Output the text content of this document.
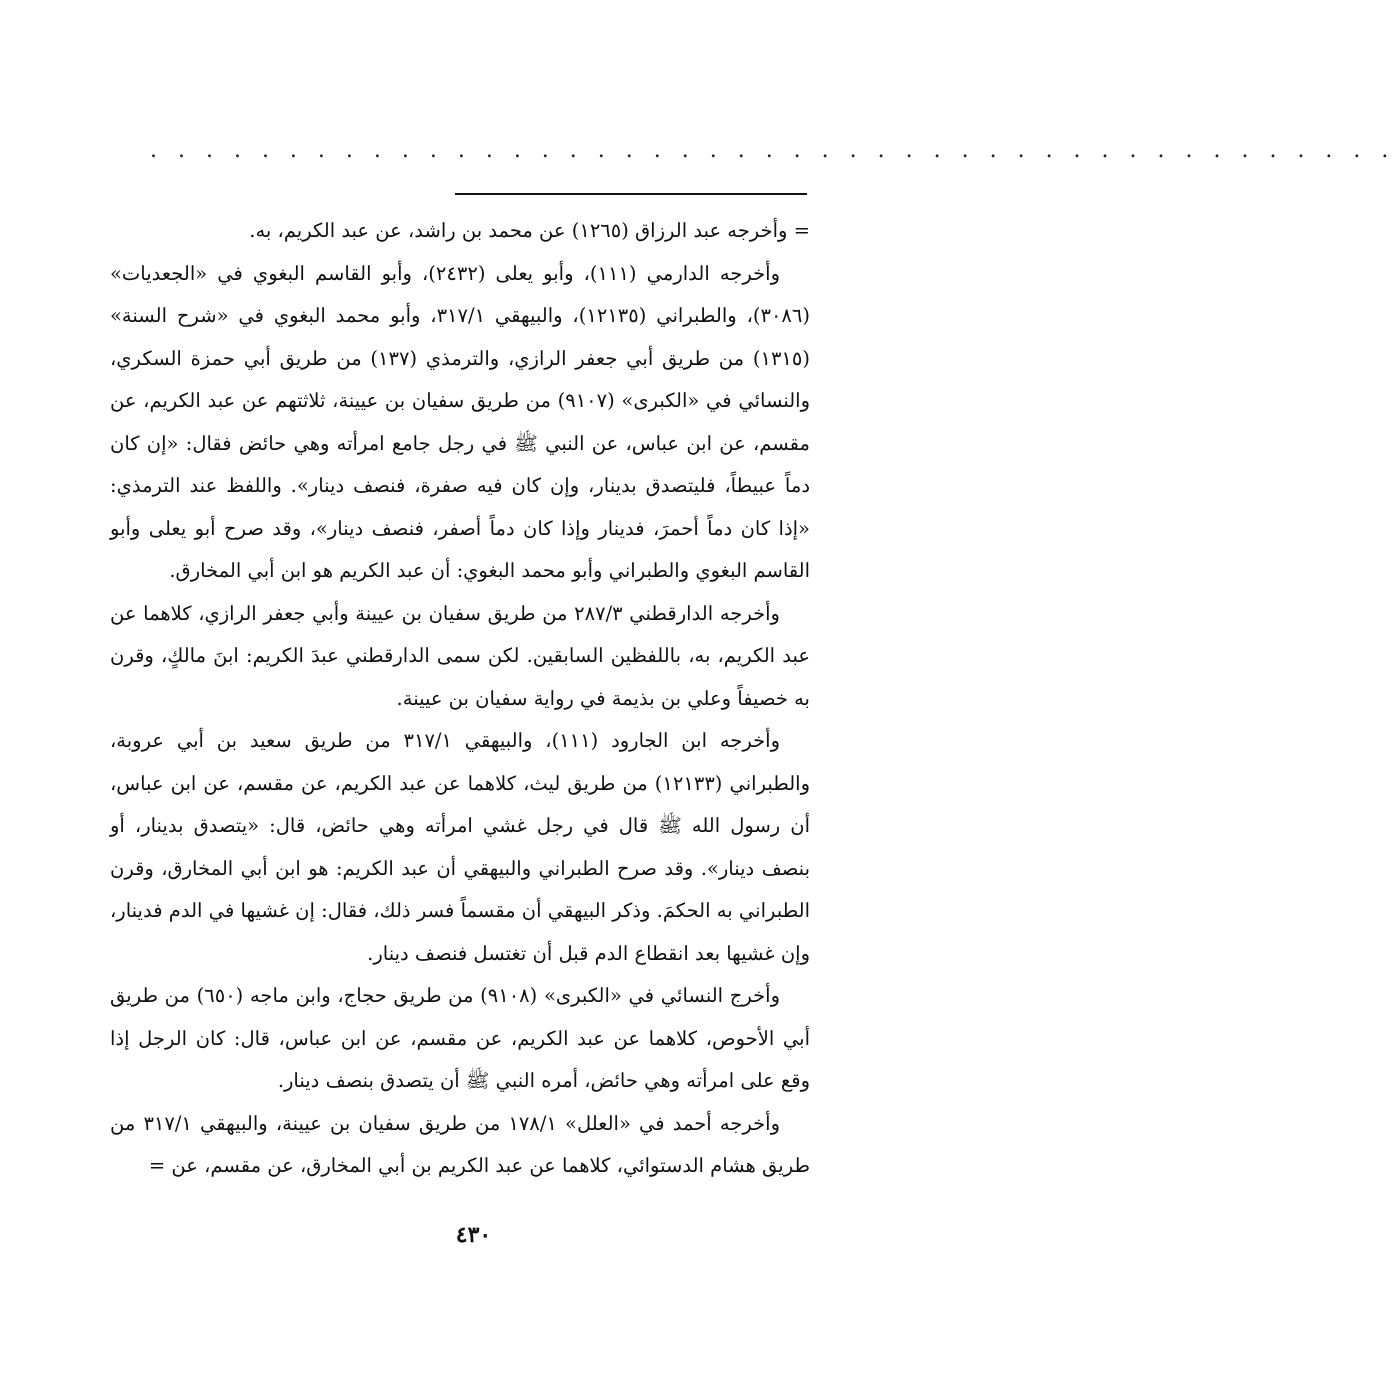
. . . . . . . . . . . . . . . . . . . . . . . . . . . . . . . . . . . . . . . . . . . . .

= وأخرجه عبد الرزاق (١٢٦٥) عن محمد بن راشد، عن عبد الكريم، به.

وأخرجه الدارمي (١١١)، وأبو يعلى (٢٤٣٢)، وأبو القاسم البغوي في «الجعديات» (٣٠٨٦)، والطبراني (١٢١٣٥)، والبيهقي ٣١٧/١، وأبو محمد البغوي في «شرح السنة» (١٣١٥) من طريق أبي جعفر الرازي، والترمذي (١٣٧) من طريق أبي حمزة السكري، والنسائي في «الكبرى» (٩١٠٧) من طريق سفيان بن عيينة، ثلاثتهم عن عبد الكريم، عن مقسم، عن ابن عباس، عن النبي ﷺ في رجل جامع امرأته وهي حائض فقال: «إن كان دماً عبيطاً، فليتصدق بدينار، وإن كان فيه صفرة، فنصف دينار». واللفظ عند الترمذي: «إذا كان دماً أحمرَ، فدينار وإذا كان دماً أصفر، فنصف دينار»، وقد صرح أبو يعلى وأبو القاسم البغوي والطبراني وأبو محمد البغوي: أن عبد الكريم هو ابن أبي المخارق.

وأخرجه الدارقطني ٢٨٧/٣ من طريق سفيان بن عيينة وأبي جعفر الرازي، كلاهما عن عبد الكريم، به، باللفظين السابقين. لكن سمى الدارقطني عبدَ الكريم: ابنَ مالكٍ، وقرن به خصيفاً وعلي بن بذيمة في رواية سفيان بن عيينة.

وأخرجه ابن الجارود (١١١)، والبيهقي ٣١٧/١ من طريق سعيد بن أبي عروبة، والطبراني (١٢١٣٣) من طريق ليث، كلاهما عن عبد الكريم، عن مقسم، عن ابن عباس، أن رسول الله ﷺ قال في رجل غشي امرأته وهي حائض، قال: «يتصدق بدينار، أو بنصف دينار». وقد صرح الطبراني والبيهقي أن عبد الكريم: هو ابن أبي المخارق، وقرن الطبراني به الحكمَ. وذكر البيهقي أن مقسماً فسر ذلك، فقال: إن غشيها في الدم فدينار، وإن غشيها بعد انقطاع الدم قبل أن تغتسل فنصف دينار.

وأخرج النسائي في «الكبرى» (٩١٠٨) من طريق حجاج، وابن ماجه (٦٥٠) من طريق أبي الأحوص، كلاهما عن عبد الكريم، عن مقسم، عن ابن عباس، قال: كان الرجل إذا وقع على امرأته وهي حائض، أمره النبي ﷺ أن يتصدق بنصف دينار.

وأخرجه أحمد في «العلل» ١٧٨/١ من طريق سفيان بن عيينة، والبيهقي ٣١٧/١ من طريق هشام الدستوائي، كلاهما عن عبد الكريم بن أبي المخارق، عن مقسم، عن =

٤٣٠
